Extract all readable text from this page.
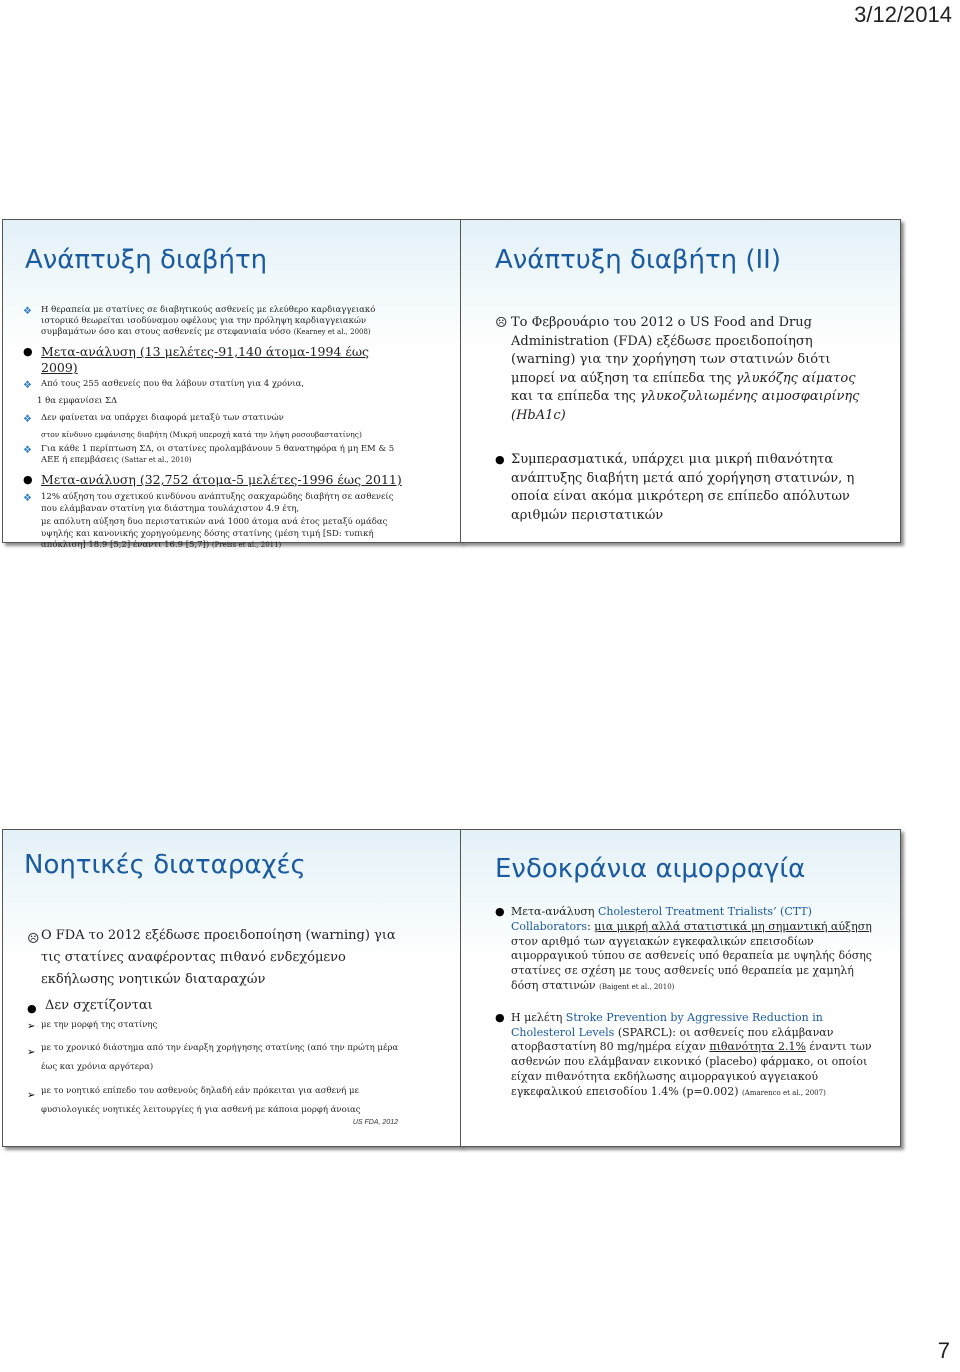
3/12/2014
Ανάπτυξη διαβήτη
❖ Η θεραπεία με στατίνες σε διαβητικούς ασθενείς με ελεύθερο καρδιαγγειακό ιστορικό θεωρείται ισοδύναμου οφέλους για την πρόληψη καρδιαγγειακών συμβαμάτων όσο και στους ασθενείς με στεφανιαία νόσο (Kearney et al., 2008)
● Μετα-ανάλυση (13 μελέτες-91,140 άτομα-1994 έως 2009)
❖ Από τους 255 ασθενείς που θα λάβουν στατίνη για 4 χρόνια,
1 θα εμφανίσει ΣΔ
❖ Δεν φαίνεται να υπάρχει διαφορά μεταξύ των στατινών
στον κίνδυνο εμφάνισης διαβήτη (Μικρή υπεροχή κατά την λήψη ροσουβαστατίνης)
❖ Για κάθε 1 περίπτωση ΣΔ, οι στατίνες προλαμβάνουν 5 θανατηφόρα ή μη ΕΜ & 5 ΑΕΕ ή επεμβάσεις (Sattar et al., 2010)
● Μετα-ανάλυση (32,752 άτομα-5 μελέτες-1996 έως 2011)
❖ 12% αύξηση του σχετικού κινδύνου ανάπτυξης σακχαρώδης διαβήτη σε ασθενείς που ελάμβαναν στατίνη για διάστημα τουλάχιστον 4.9 έτη,
με απόλυτη αύξηση δυο περιστατικών ανά 1000 άτομα ανά έτος μεταξύ ομάδας υψηλής και κανονικής χορηγούμενης δόσης στατίνης (μέση τιμή [SD: τυπική απόκλιση] 18.9 [5,2] έναντι 16.9 [5,7]) (Preiss et al., 2011)
Ανάπτυξη διαβήτη (ΙΙ)
☹ Το Φεβρουάριο του 2012 ο US Food and Drug Administration (FDA) εξέδωσε προειδοποίηση (warning) για την χορήγηση των στατινών διότι μπορεί να αύξηση τα επίπεδα της γλυκόζης αίματος και τα επίπεδα της γλυκοζυλιωμένης αιμοσφαιρίνης (HbA1c)
● Συμπερασματικά, υπάρχει μια μικρή πιθανότητα ανάπτυξης διαβήτη μετά από χορήγηση στατινών, η οποία είναι ακόμα μικρότερη σε επίπεδο απόλυτων αριθμών περιστατικών
Νοητικές διαταραχές
☹ Ο FDA το 2012 εξέδωσε προειδοποίηση (warning) για τις στατίνες αναφέροντας πιθανό ενδεχόμενο εκδήλωσης νοητικών διαταραχών
● Δεν σχετίζονται
➢ με την μορφή της στατίνης
➢ με το χρονικό διάστημα από την έναρξη χορήγησης στατίνης (από την πρώτη μέρα έως και χρόνια αργότερα)
➢ με το νοητικό επίπεδο του ασθενούς δηλαδή εάν πρόκειται για ασθενή με φυσιολογικές νοητικές λειτουργίες ή για ασθενή με κάποια μορφή άνοιας
US FDA, 2012
Ενδοκράνια αιμορραγία
● Μετα-ανάλυση Cholesterol Treatment Trialists’ (CTT) Collaborators: μια μικρή αλλά στατιστικά μη σημαντική αύξηση στον αριθμό των αγγειακών εγκεφαλικών επεισοδίων αιμορραγικού τύπου σε ασθενείς υπό θεραπεία με υψηλής δόσης στατίνες σε σχέση με τους ασθενείς υπό θεραπεία με χαμηλή δόση στατινών (Baigent et al., 2010)
● Η μελέτη Stroke Prevention by Aggressive Reduction in Cholesterol Levels (SPARCL): οι ασθενείς που ελάμβαναν ατορβαστατίνη 80 mg/ημέρα είχαν πιθανότητα 2.1% έναντι των ασθενών που ελάμβαναν εικονικό (placebo) φάρμακο, οι οποίοι είχαν πιθανότητα εκδήλωσης αιμορραγικού αγγειακού εγκεφαλικού επεισοδίου 1.4% (p=0.002) (Amarenco et al., 2007)
7
